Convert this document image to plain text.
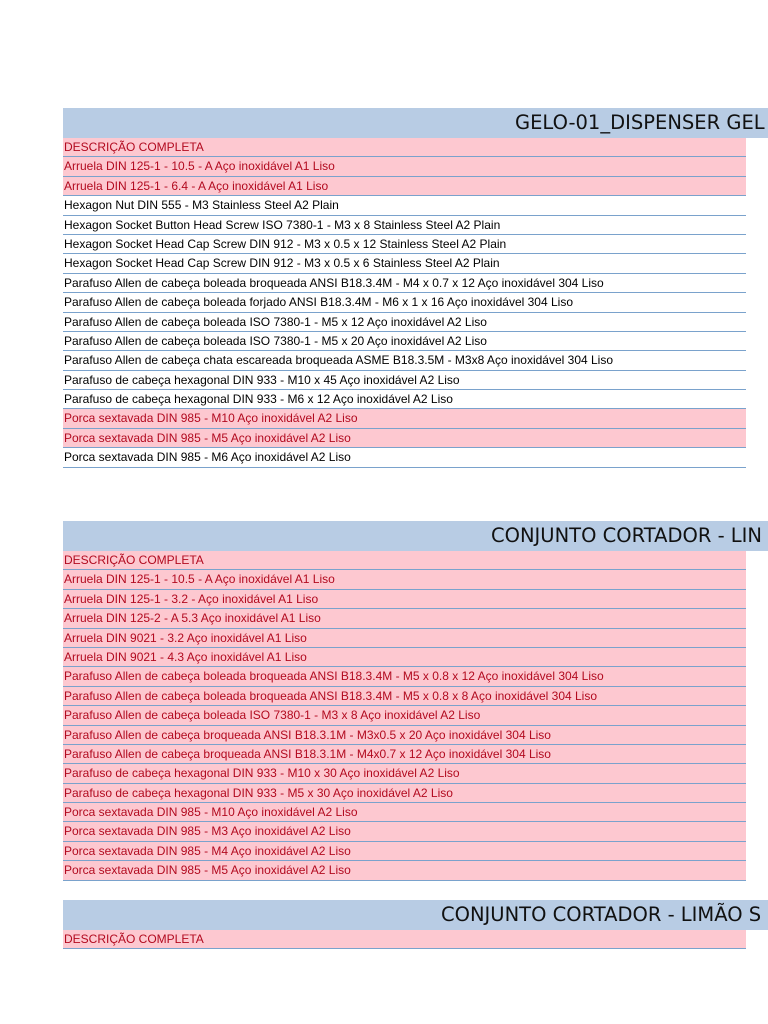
GELO-01_DISPENSER GEL
DESCRIÇÃO COMPLETA
Arruela DIN 125-1 - 10.5 - A Aço inoxidável A1 Liso
Arruela DIN 125-1 - 6.4 - A Aço inoxidável A1 Liso
Hexagon Nut DIN 555 - M3 Stainless Steel A2 Plain
Hexagon Socket Button Head Screw ISO 7380-1 - M3 x 8 Stainless Steel A2 Plain
Hexagon Socket Head Cap Screw DIN 912 - M3 x 0.5 x 12 Stainless Steel A2 Plain
Hexagon Socket Head Cap Screw DIN 912 - M3 x 0.5 x 6 Stainless Steel A2 Plain
Parafuso Allen de cabeça boleada broqueada ANSI B18.3.4M - M4 x 0.7 x 12 Aço inoxidável 304 Liso
Parafuso Allen de cabeça boleada forjado ANSI B18.3.4M - M6 x 1 x 16 Aço inoxidável 304 Liso
Parafuso Allen de cabeça boleada ISO 7380-1 - M5 x 12 Aço inoxidável A2 Liso
Parafuso Allen de cabeça boleada ISO 7380-1 - M5 x 20 Aço inoxidável A2 Liso
Parafuso Allen de cabeça chata escareada broqueada ASME B18.3.5M - M3x8 Aço inoxidável 304 Liso
Parafuso de cabeça hexagonal DIN 933 - M10 x 45 Aço inoxidável A2 Liso
Parafuso de cabeça hexagonal DIN 933 - M6 x 12 Aço inoxidável A2 Liso
Porca sextavada DIN 985 - M10 Aço inoxidável A2 Liso
Porca sextavada DIN 985 - M5 Aço inoxidável A2 Liso
Porca sextavada DIN 985 - M6 Aço inoxidável A2 Liso
CONJUNTO CORTADOR - LIN
DESCRIÇÃO COMPLETA
Arruela DIN 125-1 - 10.5 - A Aço inoxidável A1 Liso
Arruela DIN 125-1 - 3.2 - Aço inoxidável A1 Liso
Arruela DIN 125-2 - A 5.3 Aço inoxidável A1 Liso
Arruela DIN 9021 - 3.2 Aço inoxidável A1 Liso
Arruela DIN 9021 - 4.3 Aço inoxidável A1 Liso
Parafuso Allen de cabeça boleada broqueada ANSI B18.3.4M - M5 x 0.8 x 12 Aço inoxidável 304 Liso
Parafuso Allen de cabeça boleada broqueada ANSI B18.3.4M - M5 x 0.8 x 8 Aço inoxidável 304 Liso
Parafuso Allen de cabeça boleada ISO 7380-1 - M3 x 8 Aço inoxidável A2 Liso
Parafuso Allen de cabeça broqueada ANSI B18.3.1M - M3x0.5 x 20 Aço inoxidável 304 Liso
Parafuso Allen de cabeça broqueada ANSI B18.3.1M - M4x0.7 x 12 Aço inoxidável 304 Liso
Parafuso de cabeça hexagonal DIN 933 - M10 x 30 Aço inoxidável A2 Liso
Parafuso de cabeça hexagonal DIN 933 - M5 x 30 Aço inoxidável A2 Liso
Porca sextavada DIN 985 - M10 Aço inoxidável A2 Liso
Porca sextavada DIN 985 - M3 Aço inoxidável A2 Liso
Porca sextavada DIN 985 - M4 Aço inoxidável A2 Liso
Porca sextavada DIN 985 - M5 Aço inoxidável A2 Liso
CONJUNTO CORTADOR - LIMÃO S
DESCRIÇÃO COMPLETA
